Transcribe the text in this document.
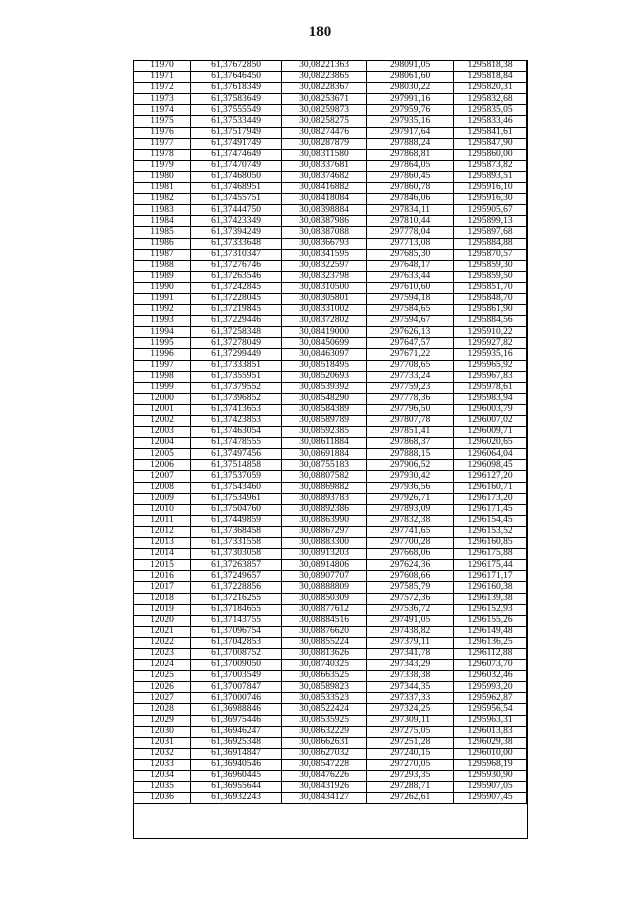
180
11970	61,37672850	30,08221363	298091,05	1295818,38
11971	61,37646450	30,08223865	298061,60	1295818,84
11972	61,37618349	30,08228367	298030,22	1295820,31
11973	61,37583649	30,08253671	297991,16	1295832,68
11974	61,37555549	30,08259873	297959,76	1295835,05
11975	61,37533449	30,08258275	297935,16	1295833,46
11976	61,37517949	30,08274476	297917,64	1295841,61
11977	61,37491749	30,08287879	297888,24	1295847,90
11978	61,37474649	30,08311580	297868,81	1295860,00
11979	61,37470749	30,08337681	297864,05	1295873,82
11980	61,37468050	30,08374682	297860,45	1295893,51
11981	61,37468951	30,08416882	297860,78	1295916,10
11982	61,37455751	30,08418084	297846,06	1295916,30
11983	61,37444750	30,08398884	297834,11	1295905,67
11984	61,37423349	30,08387986	297810,44	1295899,13
11985	61,37394249	30,08387088	297778,04	1295897,68
11986	61,37333648	30,08366793	297713,08	1295884,88
11987	61,37310347	30,08341595	297685,30	1295870,57
11988	61,37276746	30,08322597	297648,17	1295859,30
11989	61,37263546	30,08323798	297633,44	1295859,50
11990	61,37242845	30,08310500	297610,60	1295851,70
11991	61,37228045	30,08305801	297594,18	1295848,70
11992	61,37219845	30,08331002	297584,65	1295861,90
11993	61,37229446	30,08372802	297594,67	1295884,56
11994	61,37258348	30,08419000	297626,13	1295910,22
11995	61,37278049	30,08450699	297647,57	1295927,82
11996	61,37299449	30,08463097	297671,22	1295935,16
11997	61,37333851	30,08518495	297708,65	1295965,92
11998	61,37355951	30,08520693	297733,24	1295967,83
11999	61,37379552	30,08539392	297759,23	1295978,61
12000	61,37396852	30,08548290	297778,36	1295983,94
12001	61,37413653	30,08584389	297796,50	1296003,79
12002	61,37423853	30,08589789	297807,78	1296007,02
12003	61,37463054	30,08592385	297851,41	1296009,71
12004	61,37478555	30,08611884	297868,37	1296020,65
12005	61,37497456	30,08691884	297888,15	1296064,04
12006	61,37514858	30,08755183	297906,52	1296098,45
12007	61,37537059	30,08807582	297930,42	1296127,20
12008	61,37543460	30,08869882	297936,56	1296160,71
12009	61,37534961	30,08893783	297926,71	1296173,20
12010	61,37504760	30,08892386	297893,09	1296171,45
12011	61,37449859	30,08863990	297832,38	1296154,45
12012	61,37368458	30,08867297	297741,65	1296153,52
12013	61,37331558	30,08883300	297700,28	1296160,85
12014	61,37303058	30,08913203	297668,06	1296175,88
12015	61,37263857	30,08914806	297624,36	1296175,44
12016	61,37249657	30,08907707	297608,66	1296171,17
12017	61,37228856	30,08888809	297585,79	1296160,38
12018	61,37216255	30,08850309	297572,36	1296139,38
12019	61,37184655	30,08877612	297536,72	1296152,93
12020	61,37143755	30,08884516	297491,05	1296155,26
12021	61,37096754	30,08876620	297438,82	1296149,48
12022	61,37042853	30,08855224	297379,11	1296136,25
12023	61,37008752	30,08813626	297341,78	1296112,88
12024	61,37009050	30,08740325	297343,29	1296073,70
12025	61,37003549	30,08663525	297338,38	1296032,46
12026	61,37007847	30,08589823	297344,35	1295993,20
12027	61,37000746	30,08533523	297337,33	1295962,87
12028	61,36988846	30,08522424	297324,25	1295956,54
12029	61,36975446	30,08535925	297309,11	1295963,31
12030	61,36946247	30,08632229	297275,05	1296013,83
12031	61,36925348	30,08662631	297251,28	1296029,38
12032	61,36914847	30,08627032	297240,15	1296010,00
12033	61,36940546	30,08547228	297270,05	1295968,19
12034	61,36960445	30,08476226	297293,35	1295930,90
12035	61,36955644	30,08431926	297288,71	1295907,05
12036	61,36932243	30,08434127	297262,61	1295907,45
